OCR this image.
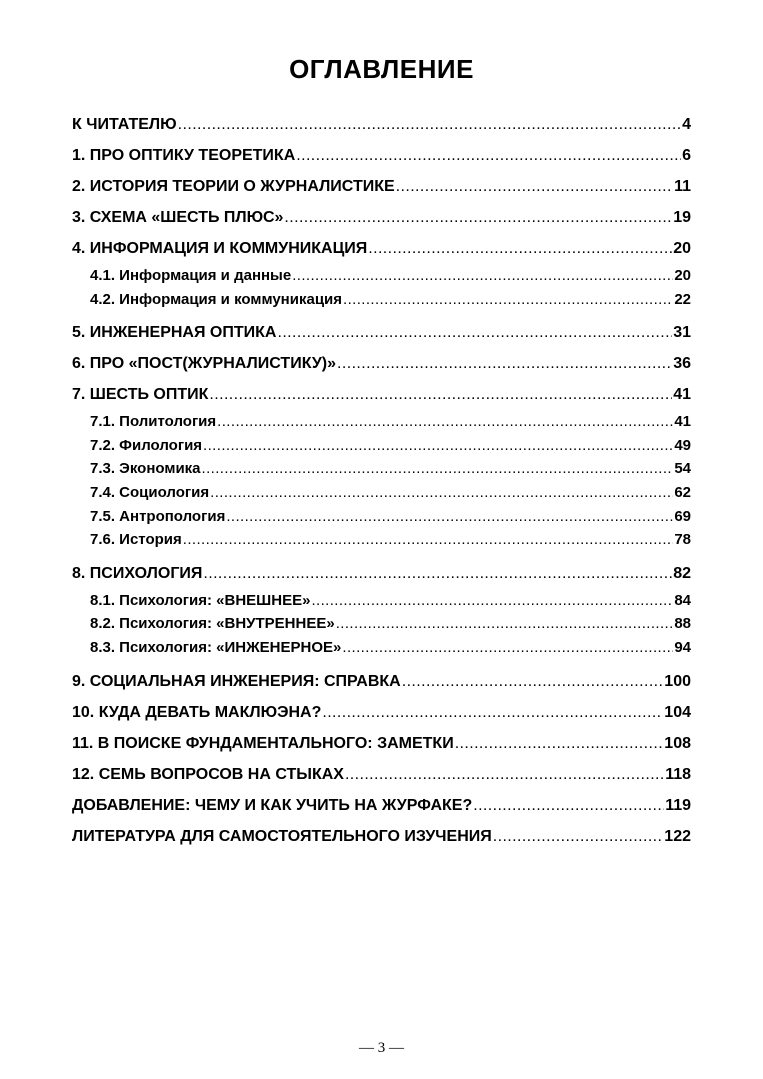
ОГЛАВЛЕНИЕ
К ЧИТАТЕЛЮ .....	4
1. ПРО ОПТИКУ ТЕОРЕТИКА .....	6
2. ИСТОРИЯ ТЕОРИИ О ЖУРНАЛИСТИКЕ .....	11
3. СХЕМА «ШЕСТЬ ПЛЮС» .....	19
4. ИНФОРМАЦИЯ И КОММУНИКАЦИЯ .....	20
4.1. Информация и данные .....	20
4.2. Информация и коммуникация .....	22
5. ИНЖЕНЕРНАЯ ОПТИКА .....	31
6. ПРО «ПОСТ(ЖУРНАЛИСТИКУ)» .....	36
7. ШЕСТЬ ОПТИК .....	41
7.1. Политология .....	41
7.2. Филология .....	49
7.3. Экономика .....	54
7.4. Социология .....	62
7.5. Антропология .....	69
7.6. История .....	78
8. ПСИХОЛОГИЯ .....	82
8.1. Психология: «ВНЕШНЕЕ» .....	84
8.2. Психология: «ВНУТРЕННЕЕ» .....	88
8.3. Психология: «ИНЖЕНЕРНОЕ» .....	94
9. СОЦИАЛЬНАЯ ИНЖЕНЕРИЯ: СПРАВКА .....	100
10. КУДА ДЕВАТЬ МАКЛЮЭНА? .....	104
11. В ПОИСКЕ ФУНДАМЕНТАЛЬНОГО: ЗАМЕТКИ .....	108
12. СЕМЬ ВОПРОСОВ НА СТЫКАХ .....	118
ДОБАВЛЕНИЕ: ЧЕМУ И КАК УЧИТЬ НА ЖУРФАКЕ? .....	119
ЛИТЕРАТУРА ДЛЯ САМОСТОЯТЕЛЬНОГО ИЗУЧЕНИЯ .....	122
— 3 —
